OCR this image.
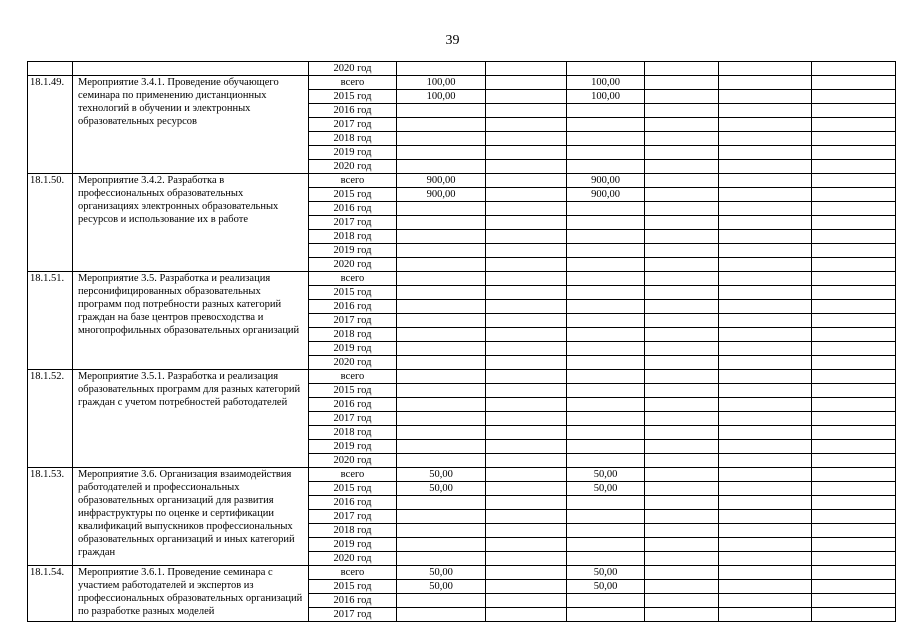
39
		2020 год						
18.1.49.	Мероприятие 3.4.1. Проведение обучающего семинара по применению дистанционных технологий в обучении и электронных образовательных ресурсов	всего	100,00		100,00			
		2015 год	100,00		100,00			
		2016 год						
		2017 год						
		2018 год						
		2019 год						
		2020 год						
18.1.50.	Мероприятие 3.4.2. Разработка в профессиональных образовательных организациях электронных образовательных ресурсов и использование их в работе	всего	900,00		900,00			
		2015 год	900,00		900,00			
		2016 год						
		2017 год						
		2018 год						
		2019 год						
		2020 год						
18.1.51.	Мероприятие 3.5. Разработка и реализация персонифицированных образовательных программ под потребности разных категорий граждан на базе центров превосходства и многопрофильных образовательных организаций	всего						
		2015 год						
		2016 год						
		2017 год						
		2018 год						
		2019 год						
		2020 год						
18.1.52.	Мероприятие 3.5.1. Разработка и реализация образовательных программ для разных категорий граждан с учетом потребностей работодателей	всего						
		2015 год						
		2016 год						
		2017 год						
		2018 год						
		2019 год						
		2020 год						
18.1.53.	Мероприятие 3.6. Организация взаимодействия работодателей и профессиональных образовательных организаций для развития инфраструктуры по оценке и сертификации квалификаций выпускников профессиональных образовательных организаций и иных категорий граждан	всего	50,00		50,00			
		2015 год	50,00		50,00			
		2016 год						
		2017 год						
		2018 год						
		2019 год						
		2020 год						
18.1.54.	Мероприятие 3.6.1. Проведение семинара с участием работодателей и экспертов из профессиональных образовательных организаций по разработке разных моделей	всего	50,00		50,00			
		2015 год	50,00		50,00			
		2016 год						
		2017 год						
